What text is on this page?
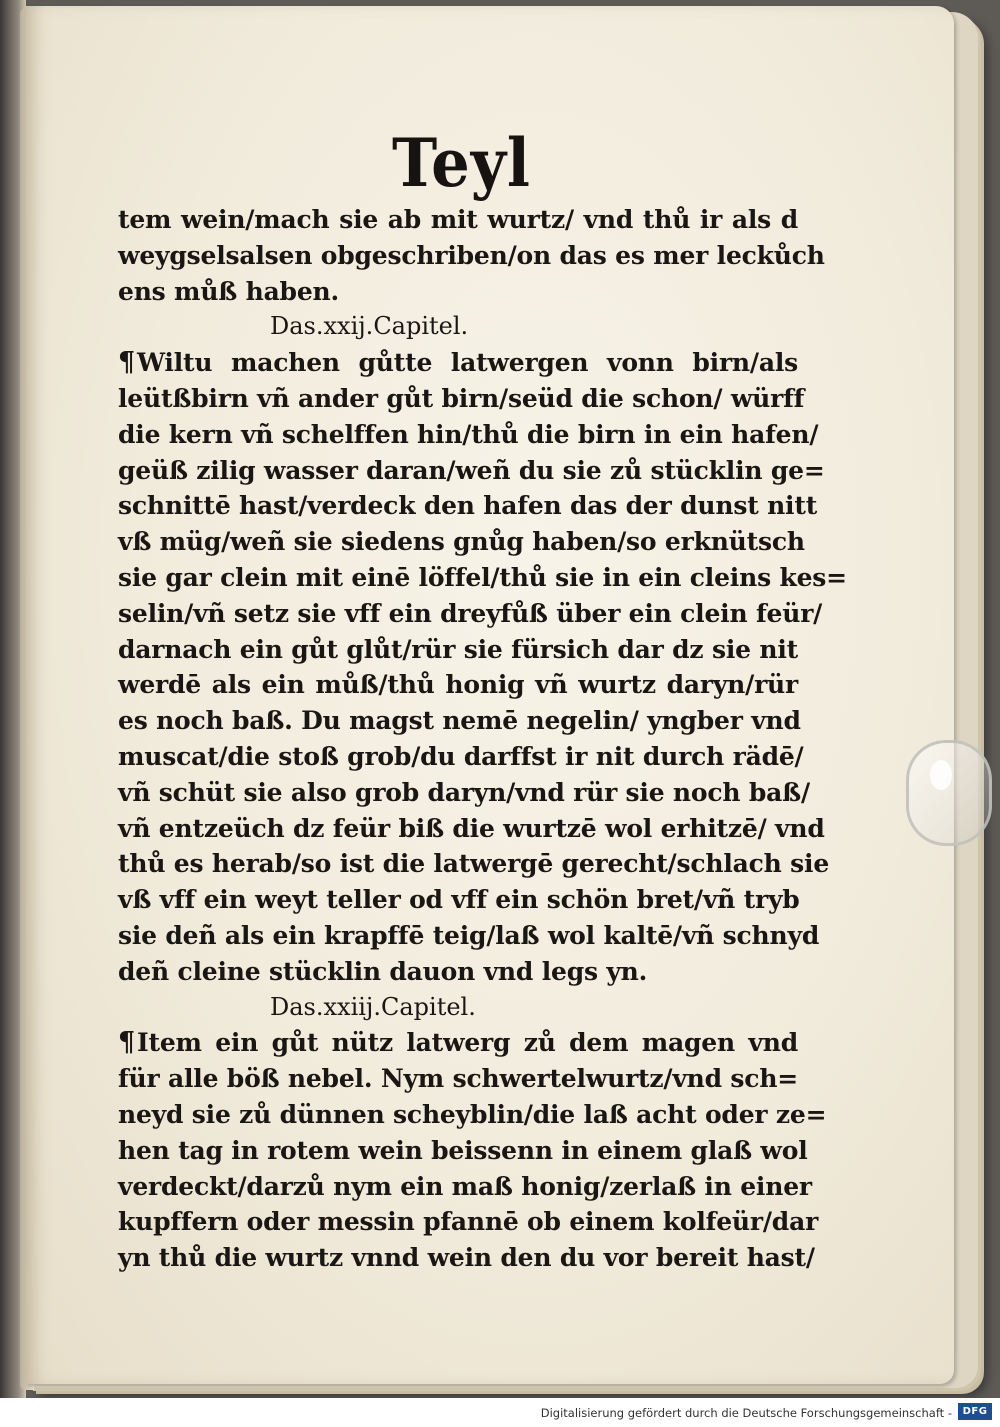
Teyl
tem wein/mach sie ab mit wurtz/ vnd thů ir als d
weygselsalsen obgeschriben/on das es mer leckůch
ens můß haben.
Das.xxij.Capitel.
¶Wiltu machen gůtte latwergen vonn birn/als
leütßbirn vñ ander gůt birn/seüd die schon/ würff
die kern vñ schelffen hin/thů die birn in ein hafen/
geüß zilig wasser daran/weñ du sie zů stücklin ge=
schnittē hast/verdeck den hafen das der dunst nitt
vß müg/weñ sie siedens gnůg haben/so erknütsch
sie gar clein mit einē löffel/thů sie in ein cleins kes=
selin/vñ setz sie vff ein dreyfůß über ein clein feür/
darnach ein gůt glůt/rür sie fürsich dar dz sie nit
werdē als ein můß/thů honig vñ wurtz daryn/rür
es noch baß. Du magst nemē negelin/ yngber vnd
muscat/die stoß grob/du darffst ir nit durch rädē/
vñ schüt sie also grob daryn/vnd rür sie noch baß/
vñ entzeüch dz feür biß die wurtzē wol erhitzē/ vnd
thů es herab/so ist die latwergē gerecht/schlach sie
vß vff ein weyt teller od vff ein schön bret/vñ tryb
sie deñ als ein krapffē teig/laß wol kaltē/vñ schnyd
deñ cleine stücklin dauon vnd legs yn.
Das.xxiij.Capitel.
¶Item ein gůt nütz latwerg zů dem magen vnd
für alle böß nebel. Nym schwertelwurtz/vnd sch=
neyd sie zů dünnen scheyblin/die laß acht oder ze=
hen tag in rotem wein beissenn in einem glaß wol
verdeckt/darzů nym ein maß honig/zerlaß in einer
kupffern oder messin pfannē ob einem kolfeür/dar
yn thů die wurtz vnnd wein den du vor bereit hast/
Digitalisierung gefördert durch die Deutsche Forschungsgemeinschaft -	DFG
